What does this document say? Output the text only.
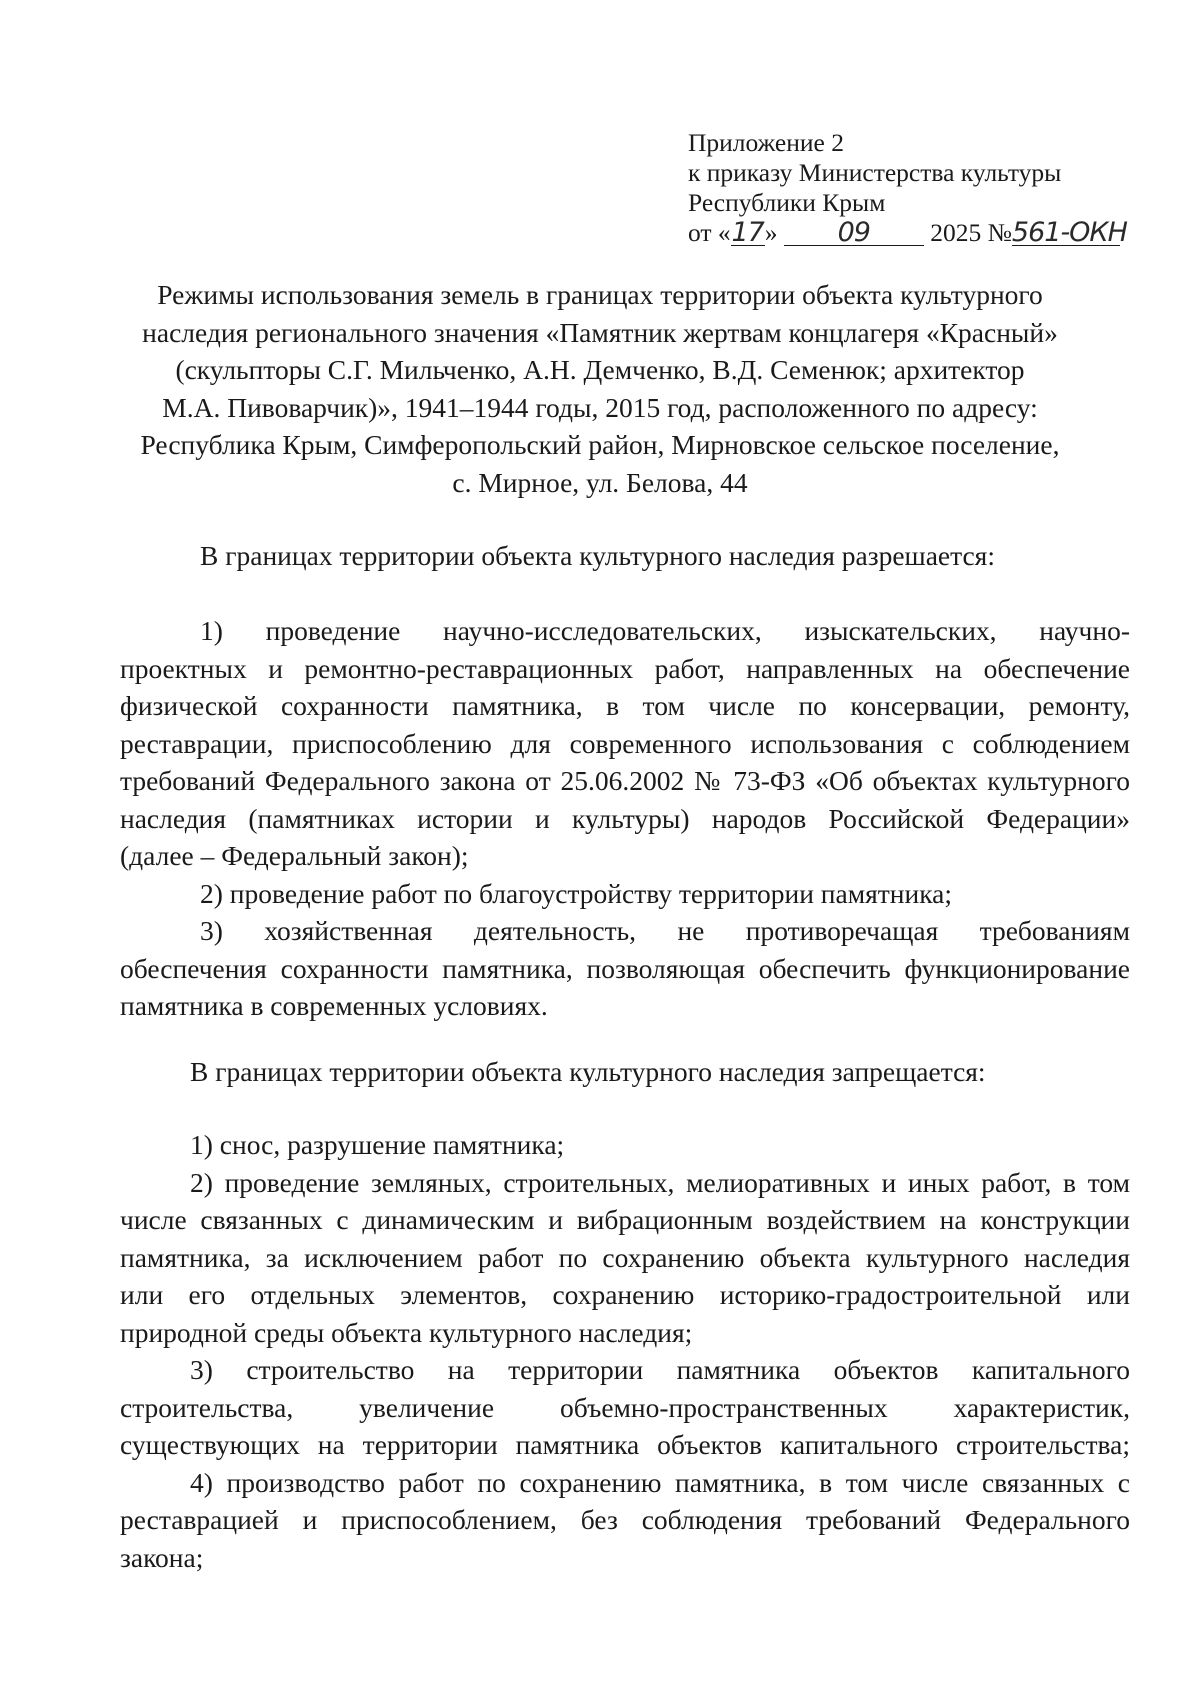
Приложение 2
к приказу Министерства культуры
Республики Крым
от «17» 09 2025 №561-ОКН
Режимы использования земель в границах территории объекта культурного
наследия регионального значения «Памятник жертвам концлагеря «Красный»
(скульпторы С.Г. Мильченко, А.Н. Демченко, В.Д. Семенюк; архитектор
М.А. Пивоварчик)», 1941–1944 годы, 2015 год, расположенного по адресу:
Республика Крым, Симферопольский район, Мирновское сельское поселение,
с. Мирное, ул. Белова, 44
В границах территории объекта культурного наследия разрешается:
1) проведение научно-исследовательских, изыскательских, научно-
проектных и ремонтно-реставрационных работ, направленных на обеспечение
физической сохранности памятника, в том числе по консервации, ремонту,
реставрации, приспособлению для современного использования с соблюдением
требований Федерального закона от 25.06.2002 № 73-ФЗ «Об объектах культурного
наследия (памятниках истории и культуры) народов Российской Федерации»
(далее – Федеральный закон);
2) проведение работ по благоустройству территории памятника;
3) хозяйственная деятельность, не противоречащая требованиям
обеспечения сохранности памятника, позволяющая обеспечить функционирование
памятника в современных условиях.
В границах территории объекта культурного наследия запрещается:
1) снос, разрушение памятника;
2) проведение земляных, строительных, мелиоративных и иных работ, в том
числе связанных с динамическим и вибрационным воздействием на конструкции
памятника, за исключением работ по сохранению объекта культурного наследия
или его отдельных элементов, сохранению историко-градостроительной или
природной среды объекта культурного наследия;
3) строительство на территории памятника объектов капитального
строительства, увеличение объемно-пространственных характеристик,
существующих на территории памятника объектов капитального строительства;
4) производство работ по сохранению памятника, в том числе связанных с
реставрацией и приспособлением, без соблюдения требований Федерального
закона;
